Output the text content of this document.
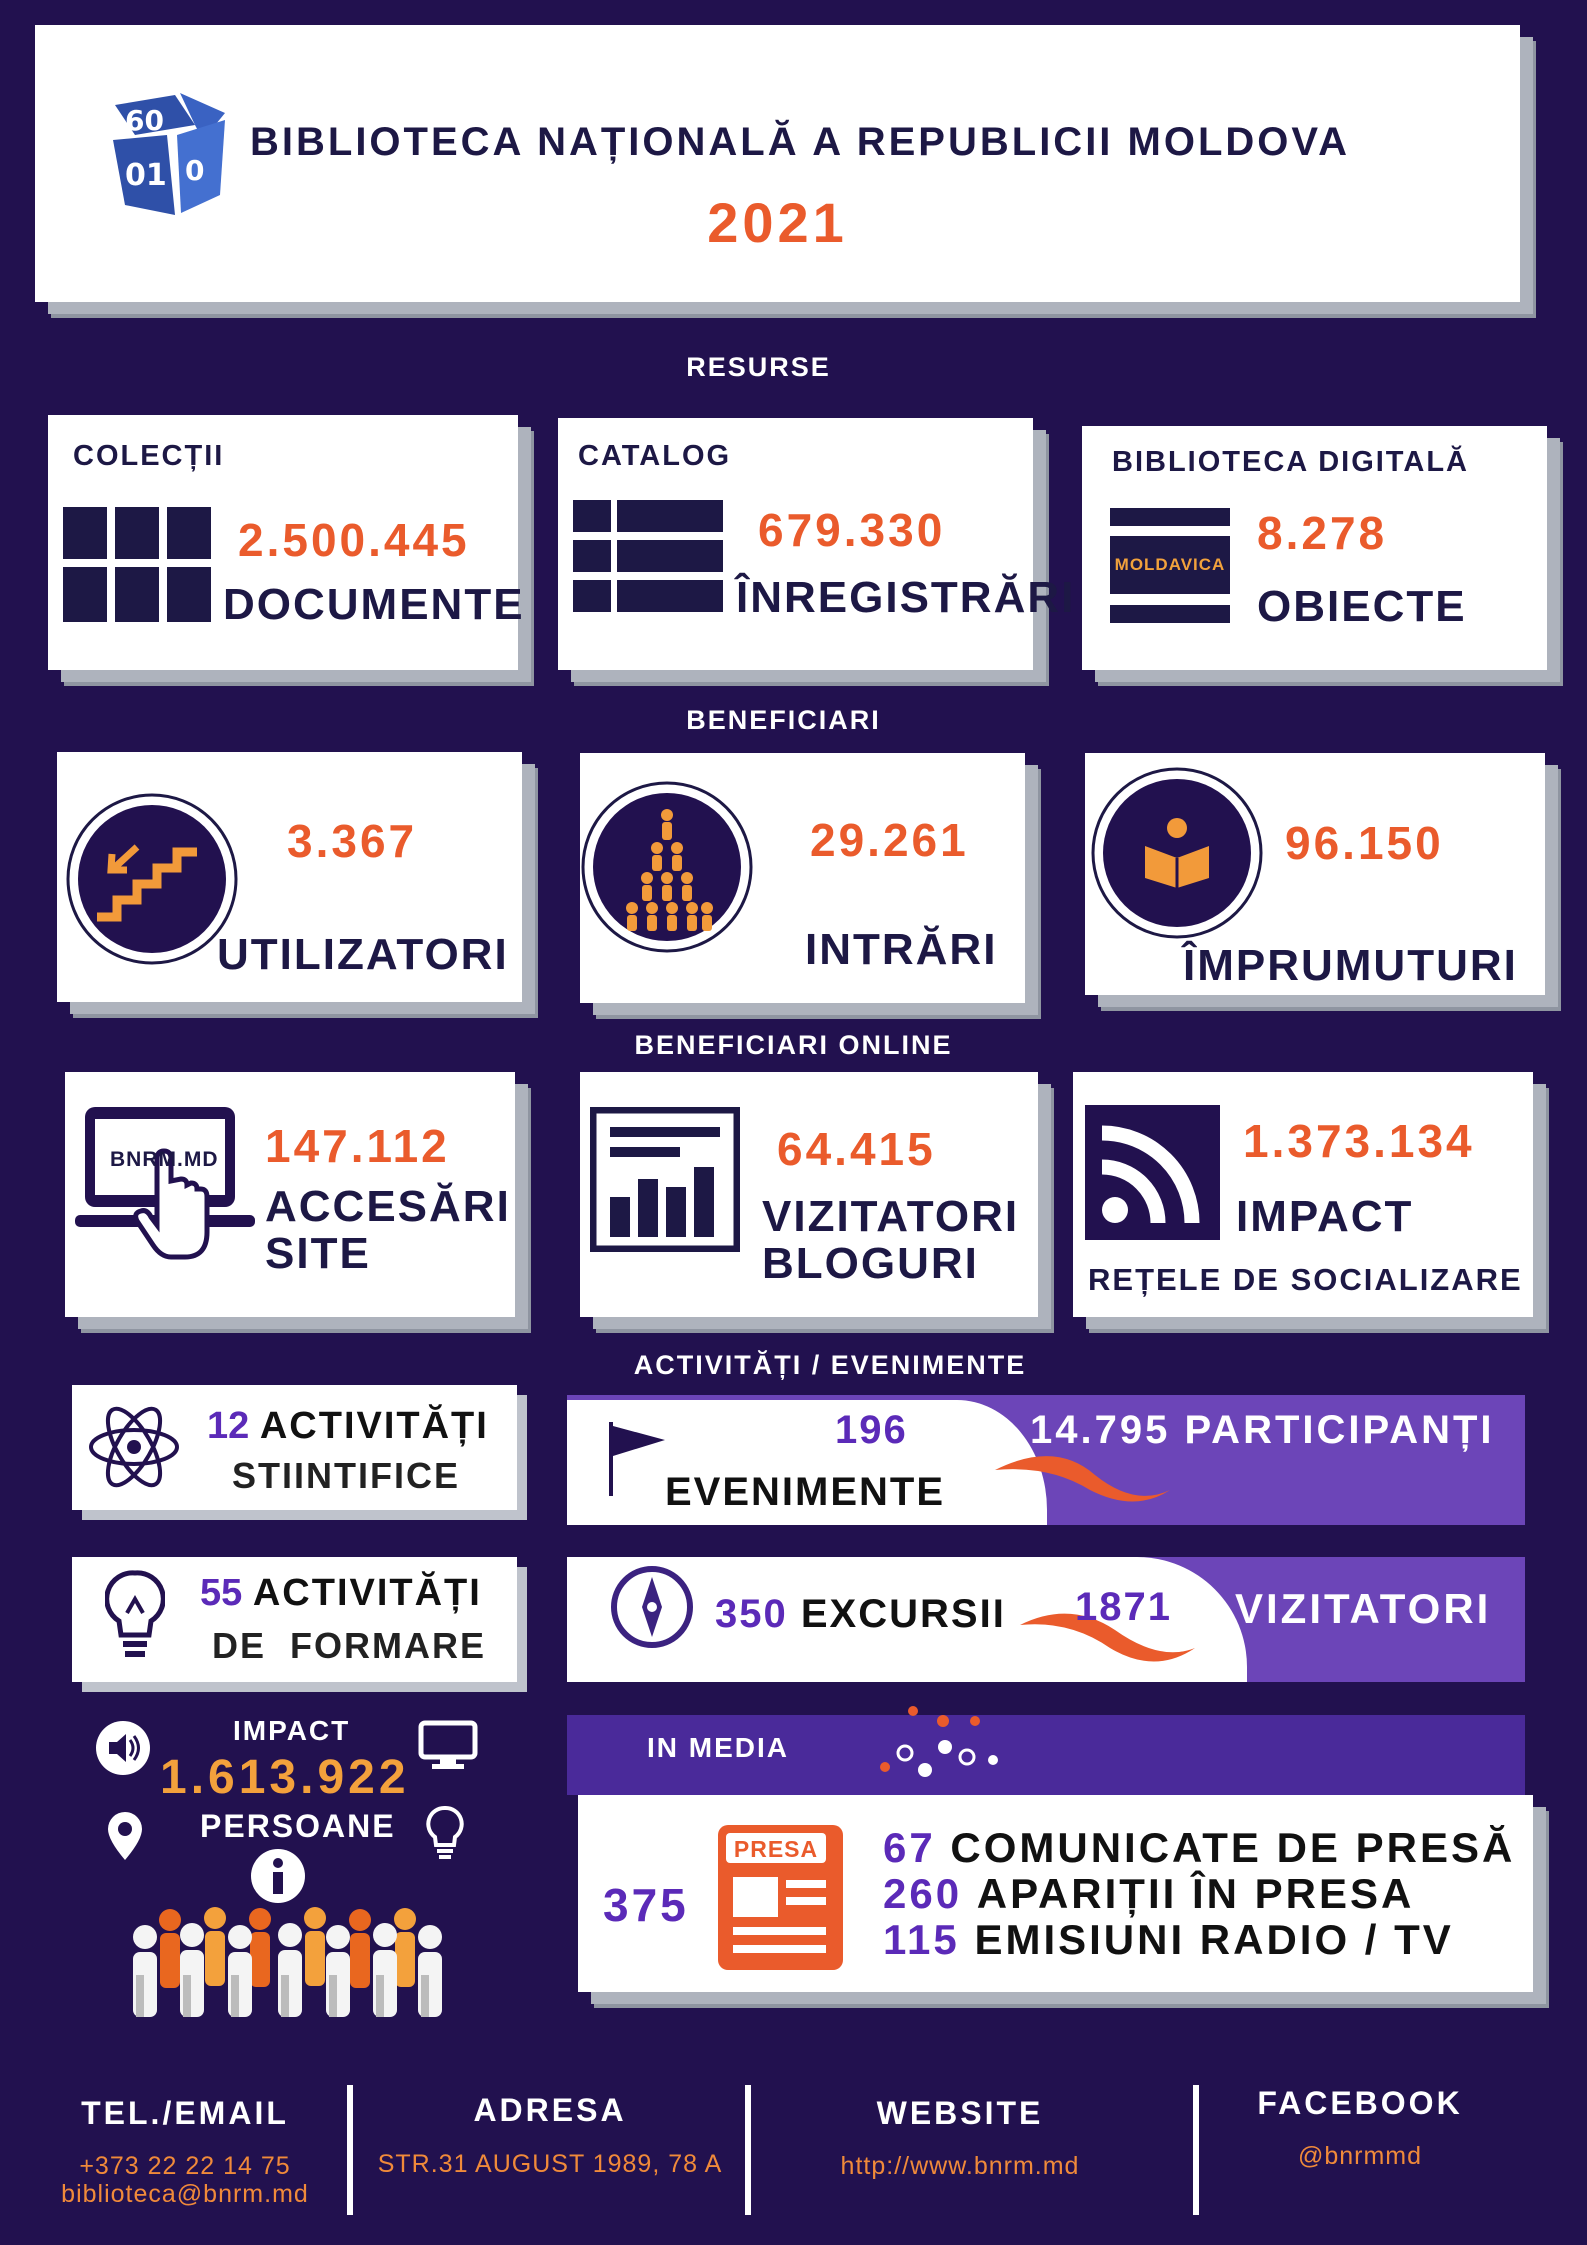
60
01 0
BIBLIOTECA NAȚIONALĂ A REPUBLICII MOLDOVA
2021
RESURSE
COLECȚII
2.500.445
DOCUMENTE
CATALOG
679.330
ÎNREGISTRĂRI
BIBLIOTECA DIGITALĂ
MOLDAVICA
8.278
OBIECTE
BENEFICIARI
3.367
UTILIZATORI
29.261
INTRĂRI
96.150
ÎMPRUMUTURI
BENEFICIARI ONLINE
BNRM.MD 147.112
ACCESĂRI
SITE
64.415
VIZITATORI
BLOGURI
1.373.134
IMPACT
REȚELE DE SOCIALIZARE
ACTIVITĂȚI / EVENIMENTE
12 ACTIVITĂȚI
STIINTIFICE
55 ACTIVITĂȚI
DE  FORMARE
196
EVENIMENTE
14.795 PARTICIPANȚI
350 EXCURSII 1871 VIZITATORI
IMPACT
1.613.922
PERSOANE
IN MEDIA
375
PRESA 67 COMUNICATE DE PRESĂ
260 APARIȚII ÎN PRESA
115 EMISIUNI RADIO / TV
TEL./EMAIL
+373 22 22 14 75
biblioteca@bnrm.md
ADRESA
STR.31 AUGUST 1989, 78 A
WEBSITE
http://www.bnrm.md
FACEBOOK
@bnrmmd
